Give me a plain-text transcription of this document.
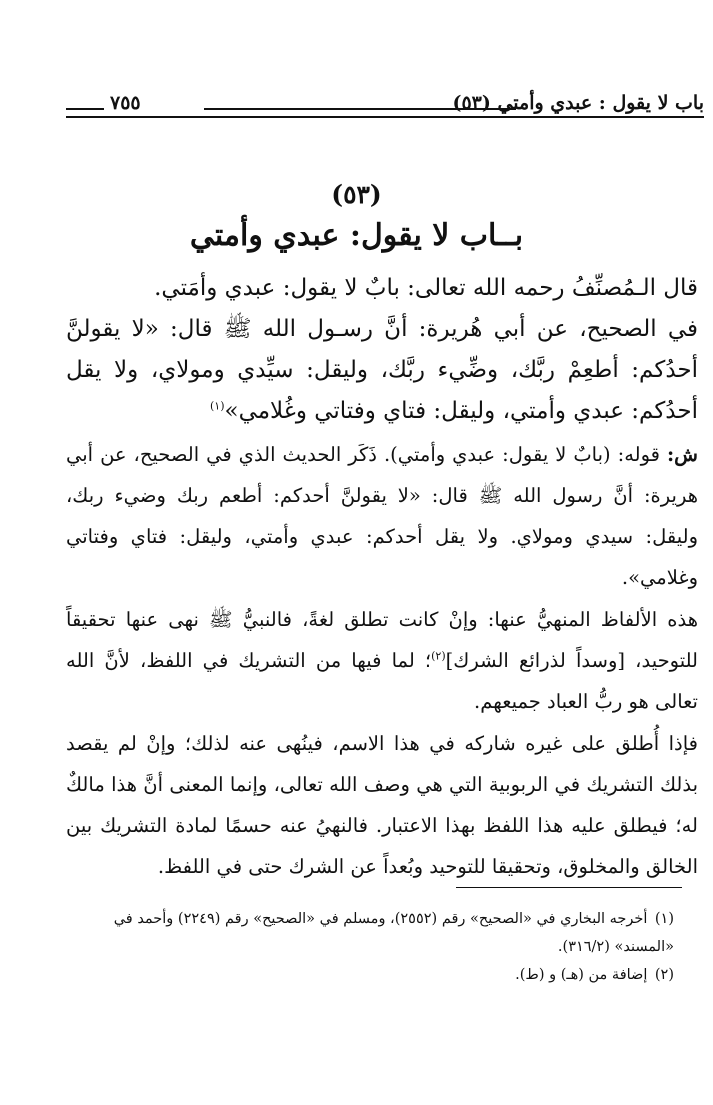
باب لا يقول : عبدي وأمتي (٥٣)
٧٥٥
(٥٣)
بــاب لا يقول: عبدي وأمتي
قال الـمُصنِّفُ رحمه الله تعالى: بابٌ لا يقول: عبدي وأمَتي.
في الصحيح، عن أبي هُريرة: أنَّ رسـول الله ﷺ قال: «لا يقولنَّ أحدُكم: أطعِمْ ربَّك، وضِّيء ربَّك، وليقل: سيِّدي ومولاي، ولا يقل أحدُكم: عبدي وأمتي، وليقل: فتاي وفتاتي وغُلامي»$^{(١)}$
ش: قوله: (بابٌ لا يقول: عبدي وأمتي). ذَكَر الحديث الذي في الصحيح، عن أبي هريرة: أنَّ رسول الله ﷺ قال: «لا يقولنَّ أحدكم: أطعم ربك وضيء ربك، وليقل: سيدي ومولاي. ولا يقل أحدكم: عبدي وأمتي، وليقل: فتاي وفتاتي وغلامي».
هذه الألفاظ المنهيُّ عنها: وإنْ كانت تطلق لغةً، فالنبيُّ ﷺ نهى عنها تحقيقاً للتوحيد، [وسداً لذرائع الشرك]$^{(٢)}$؛ لما فيها من التشريك في اللفظ، لأنَّ الله تعالى هو ربُّ العباد جميعهم.
فإذا أُطلق على غيره شاركه في هذا الاسم، فينُهى عنه لذلك؛ وإنْ لم يقصد بذلك التشريك في الربوبية التي هي وصف الله تعالى، وإنما المعنى أنَّ هذا مالكٌ له؛ فيطلق عليه هذا اللفظ بهذا الاعتبار. فالنهيُ عنه حسمًا لمادة التشريك بين الخالق والمخلوق، وتحقيقا للتوحيد وبُعداً عن الشرك حتى في اللفظ.
(١) أخرجه البخاري في «الصحيح» رقم (٢٥٥٢)، ومسلم في «الصحيح» رقم (٢٢٤٩) وأحمد في «المسند» (٣١٦/٢).
(٢) إضافة من (هـ) و (ط).
